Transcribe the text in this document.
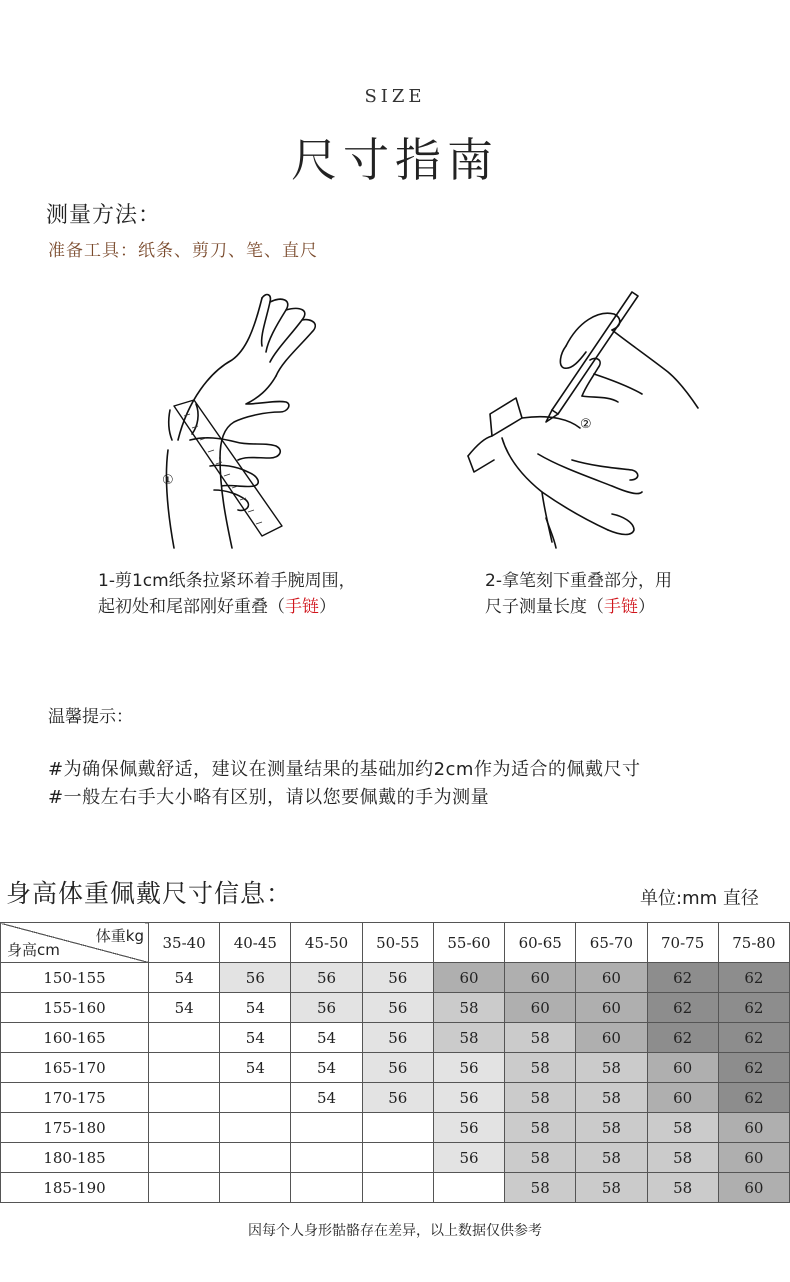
SIZE
尺寸指南
测量方法：
准备工具：纸条、剪刀、笔、直尺
①
②
1-剪1cm纸条拉紧环着手腕周围，
起初处和尾部刚好重叠（手链）
2-拿笔刻下重叠部分，用
尺子测量长度（手链）
温馨提示：
#为确保佩戴舒适，建议在测量结果的基础加约2cm作为适合的佩戴尺寸
#一般左右手大小略有区别，请以您要佩戴的手为测量
身高体重佩戴尺寸信息：	单位:mm 直径
体重kg
身高cm	35-40	40-45	45-50	50-55	55-60	60-65	65-70	70-75	75-80
150-155	54	56	56	56	60	60	60	62	62
155-160	54	54	56	56	58	60	60	62	62
160-165		54	54	56	58	58	60	62	62
165-170		54	54	56	56	58	58	60	62
170-175			54	56	56	58	58	60	62
175-180					56	58	58	58	60
180-185					56	58	58	58	60
185-190						58	58	58	60
因每个人身形骷骼存在差异，以上数据仅供参考
